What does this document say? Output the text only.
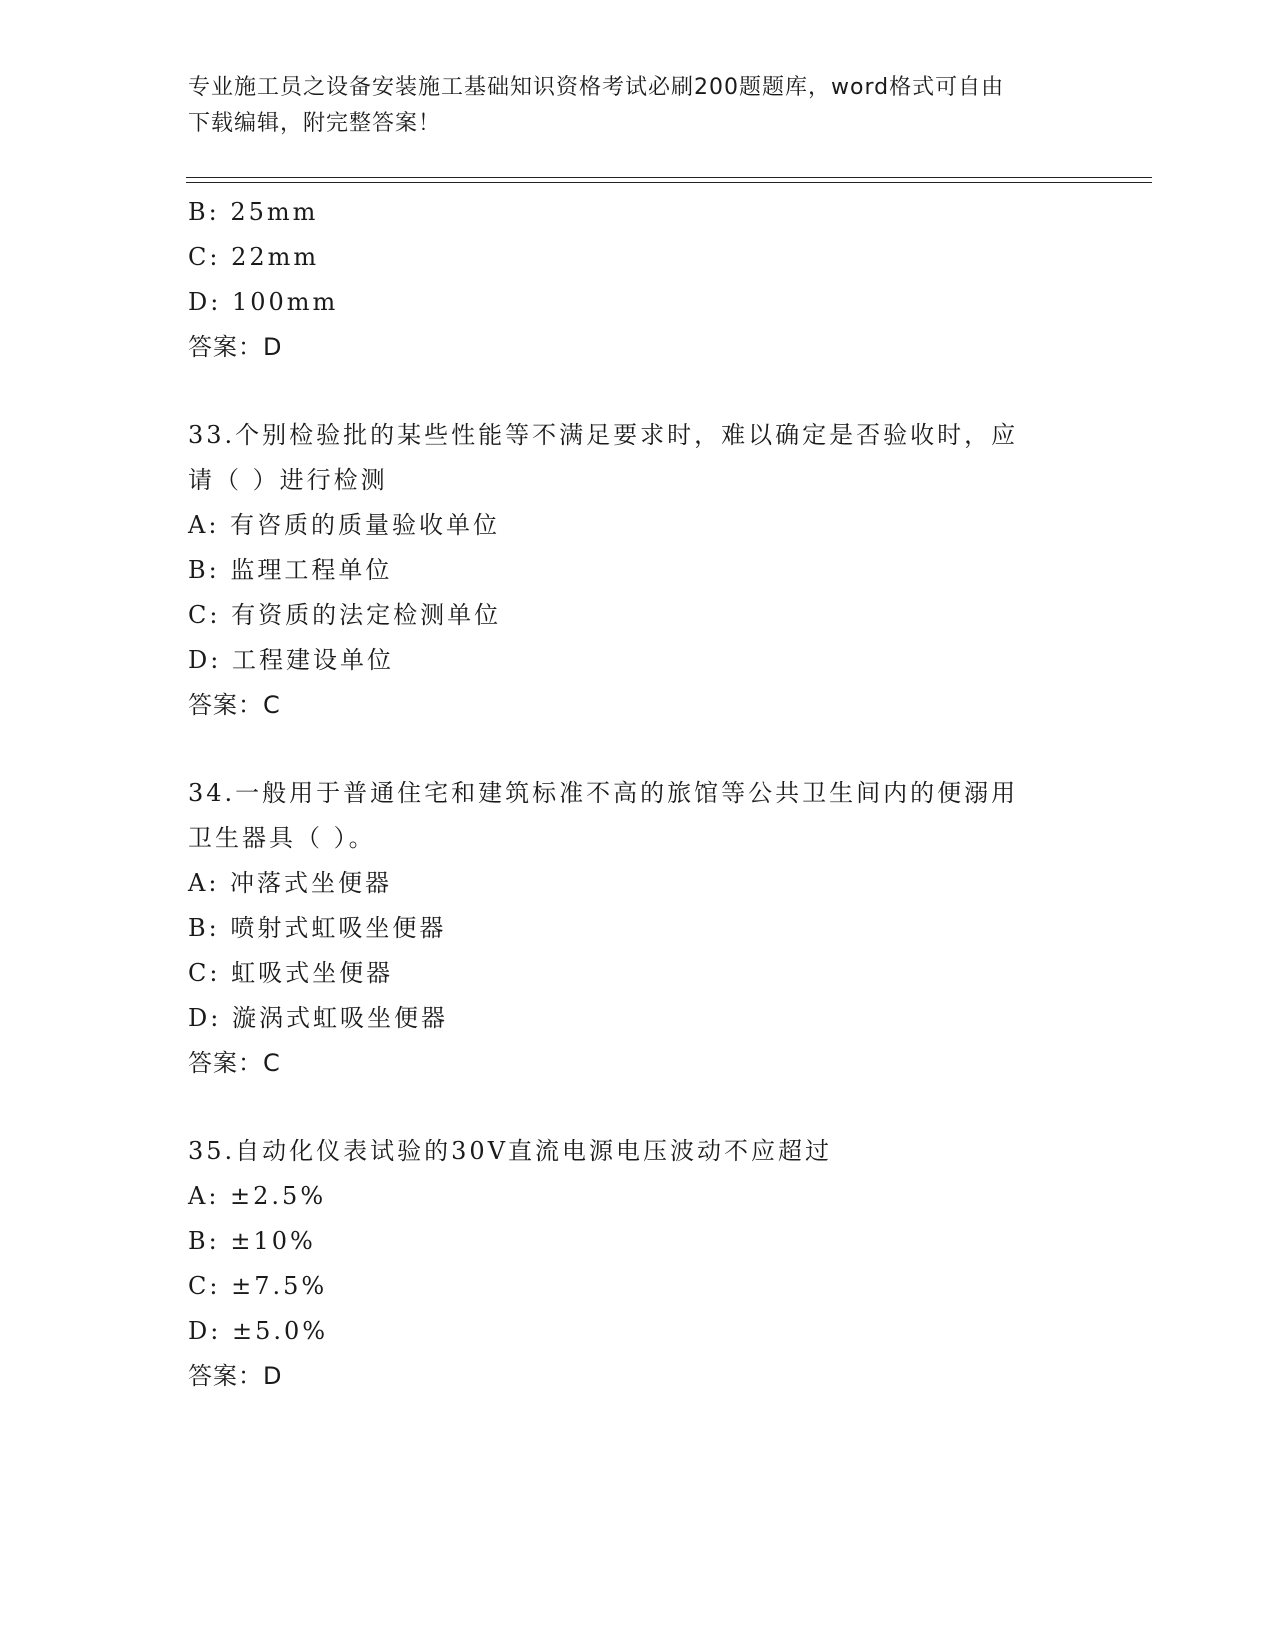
专业施工员之设备安装施工基础知识资格考试必刷200题题库，word格式可自由
下载编辑，附完整答案！
B: 25mm
C: 22mm
D: 100mm
答案：D
33.个别检验批的某些性能等不满足要求时，难以确定是否验收时，应
请（ ）进行检测
A: 有咨质的质量验收单位
B: 监理工程单位
C: 有资质的法定检测单位
D: 工程建设单位
答案：C
34.一般用于普通住宅和建筑标准不高的旅馆等公共卫生间内的便溺用
卫生器具（ ）。
A: 冲落式坐便器
B: 喷射式虹吸坐便器
C: 虹吸式坐便器
D: 漩涡式虹吸坐便器
答案：C
35.自动化仪表试验的30V直流电源电压波动不应超过
A: ±2.5%
B: ±10%
C: ±7.5%
D: ±5.0%
答案：D
